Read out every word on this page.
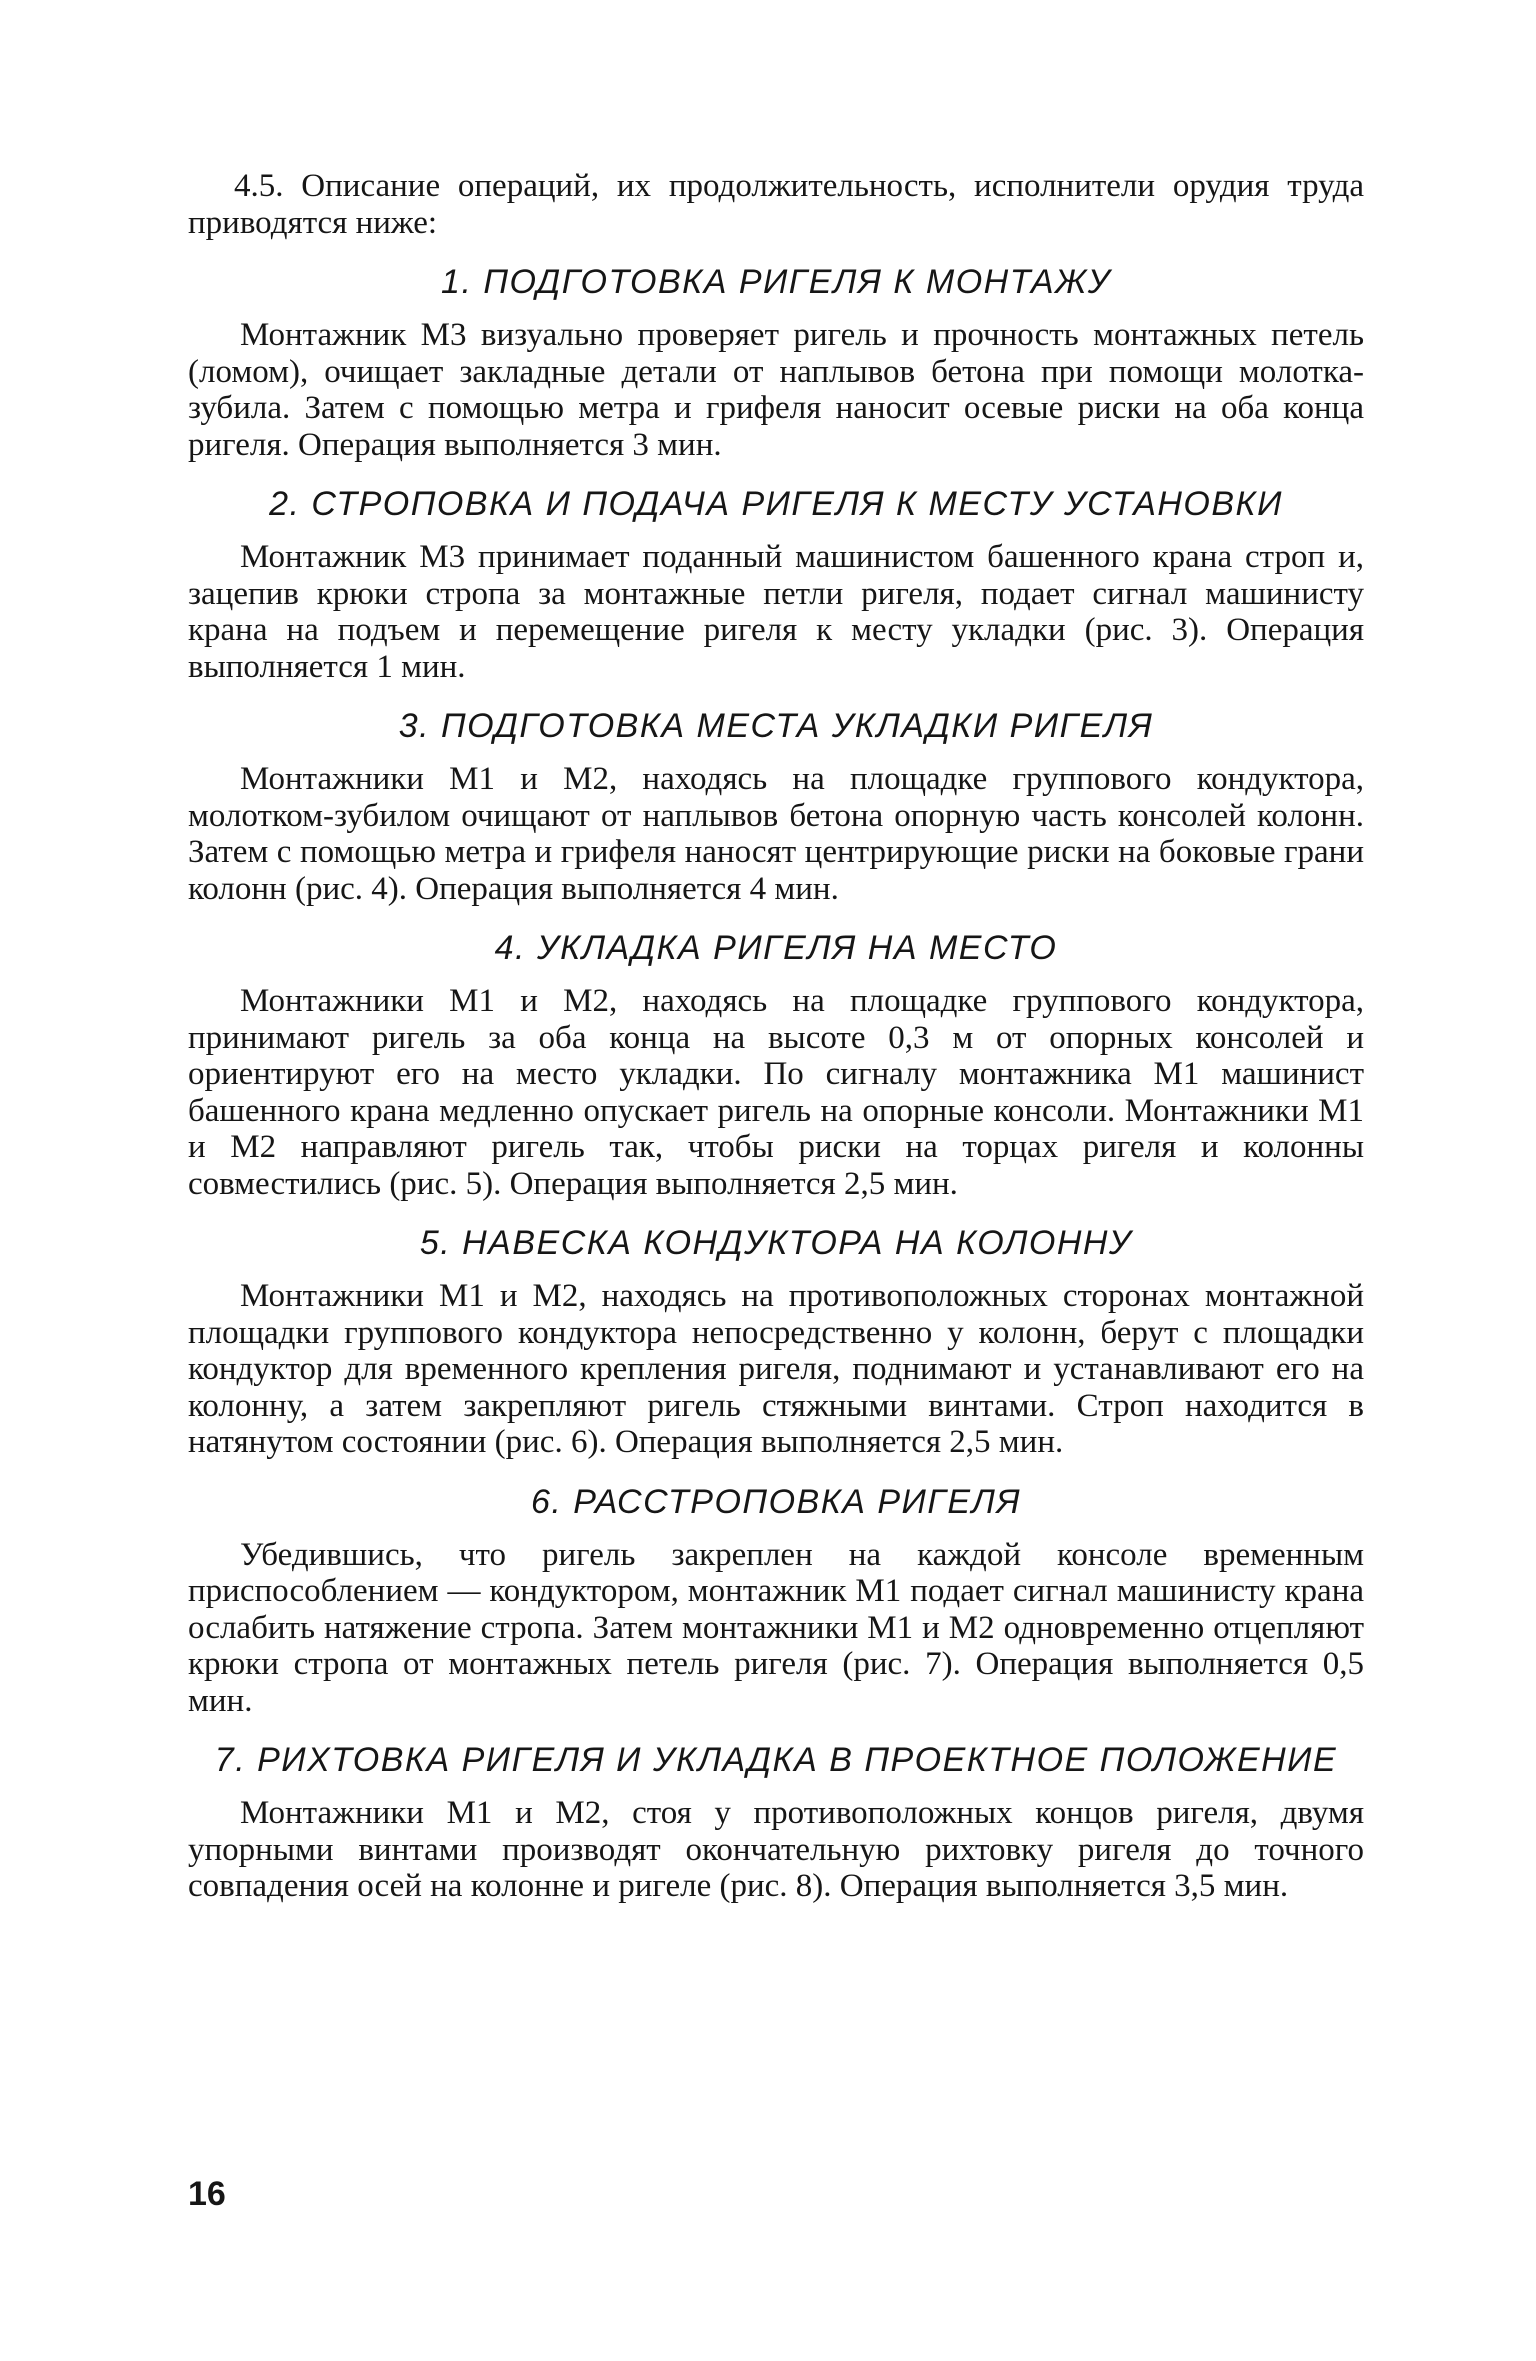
4.5. Описание операций, их продолжительность, исполнители орудия труда приводятся ниже:

1. ПОДГОТОВКА РИГЕЛЯ К МОНТАЖУ

Монтажник М3 визуально проверяет ригель и прочность монтажных петель (ломом), очищает закладные детали от наплывов бетона при помощи молотка-зубила. Затем с помощью метра и грифеля наносит осевые риски на оба конца ригеля. Операция выполняется 3 мин.

2. СТРОПОВКА И ПОДАЧА РИГЕЛЯ К МЕСТУ УСТАНОВКИ

Монтажник М3 принимает поданный машинистом башенного крана строп и, зацепив крюки стропа за монтажные петли ригеля, подает сигнал машинисту крана на подъем и перемещение ригеля к месту укладки (рис. 3). Операция выполняется 1 мин.

3. ПОДГОТОВКА МЕСТА УКЛАДКИ РИГЕЛЯ

Монтажники М1 и М2, находясь на площадке группового кондуктора, молотком-зубилом очищают от наплывов бетона опорную часть консолей колонн. Затем с помощью метра и грифеля наносят центрирующие риски на боковые грани колонн (рис. 4). Операция выполняется 4 мин.

4. УКЛАДКА РИГЕЛЯ НА МЕСТО

Монтажники М1 и М2, находясь на площадке группового кондуктора, принимают ригель за оба конца на высоте 0,3 м от опорных консолей и ориентируют его на место укладки. По сигналу монтажника М1 машинист башенного крана медленно опускает ригель на опорные консоли. Монтажники М1 и М2 направляют ригель так, чтобы риски на торцах ригеля и колонны совместились (рис. 5). Операция выполняется 2,5 мин.

5. НАВЕСКА КОНДУКТОРА НА КОЛОННУ

Монтажники М1 и М2, находясь на противоположных сторонах монтажной площадки группового кондуктора непосредственно у колонн, берут с площадки кондуктор для временного крепления ригеля, поднимают и устанавливают его на колонну, а затем закрепляют ригель стяжными винтами. Строп находится в натянутом состоянии (рис. 6). Операция выполняется 2,5 мин.

6. РАССТРОПОВКА РИГЕЛЯ

Убедившись, что ригель закреплен на каждой консоле временным приспособлением — кондуктором, монтажник М1 подает сигнал машинисту крана ослабить натяжение стропа. Затем монтажники М1 и М2 одновременно отцепляют крюки стропа от монтажных петель ригеля (рис. 7). Операция выполняется 0,5 мин.

7. РИХТОВКА РИГЕЛЯ И УКЛАДКА В ПРОЕКТНОЕ ПОЛОЖЕНИЕ

Монтажники М1 и М2, стоя у противоположных концов ригеля, двумя упорными винтами производят окончательную рихтовку ригеля до точного совпадения осей на колонне и ригеле (рис. 8). Операция выполняется 3,5 мин.

16
